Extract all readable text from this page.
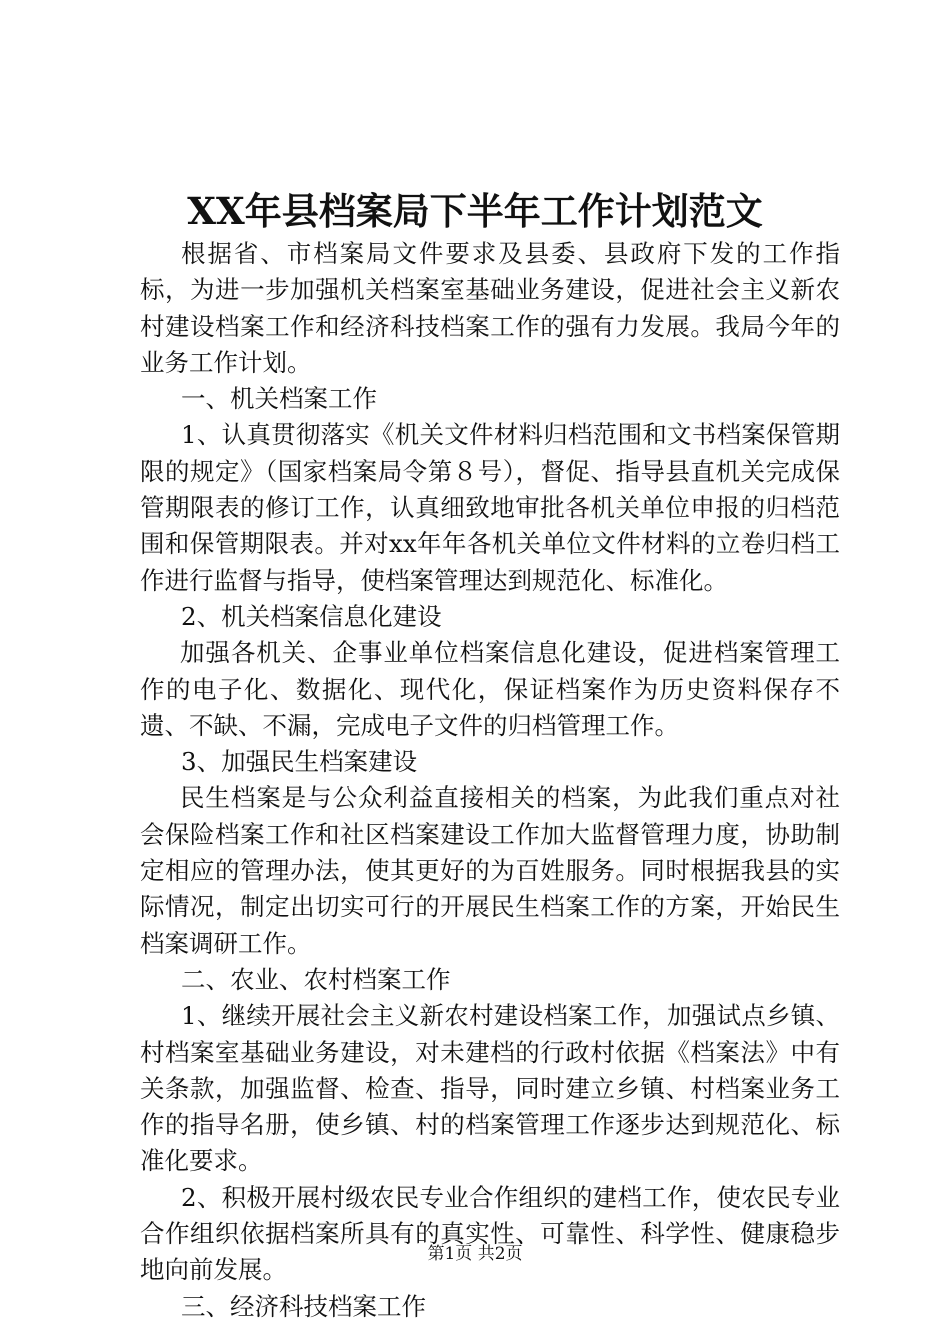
XX年县档案局下半年工作计划范文

根据省、市档案局文件要求及县委、县政府下发的工作指标，为进一步加强机关档案室基础业务建设，促进社会主义新农村建设档案工作和经济科技档案工作的强有力发展。我局今年的业务工作计划。

一、机关档案工作

1、认真贯彻落实《机关文件材料归档范围和文书档案保管期限的规定》（国家档案局令第８号），督促、指导县直机关完成保管期限表的修订工作，认真细致地审批各机关单位申报的归档范围和保管期限表。并对xx年年各机关单位文件材料的立卷归档工作进行监督与指导，使档案管理达到规范化、标准化。

2、机关档案信息化建设

加强各机关、企事业单位档案信息化建设，促进档案管理工作的电子化、数据化、现代化，保证档案作为历史资料保存不遗、不缺、不漏，完成电子文件的归档管理工作。

3、加强民生档案建设

民生档案是与公众利益直接相关的档案，为此我们重点对社会保险档案工作和社区档案建设工作加大监督管理力度，协助制定相应的管理办法，使其更好的为百姓服务。同时根据我县的实际情况，制定出切实可行的开展民生档案工作的方案，开始民生档案调研工作。

二、农业、农村档案工作

1、继续开展社会主义新农村建设档案工作，加强试点乡镇、村档案室基础业务建设，对未建档的行政村依据《档案法》中有关条款，加强监督、检查、指导，同时建立乡镇、村档案业务工作的指导名册，使乡镇、村的档案管理工作逐步达到规范化、标准化要求。

2、积极开展村级农民专业合作组织的建档工作，使农民专业合作组织依据档案所具有的真实性、可靠性、科学性、健康稳步地向前发展。

三、经济科技档案工作

第1页 共2页
